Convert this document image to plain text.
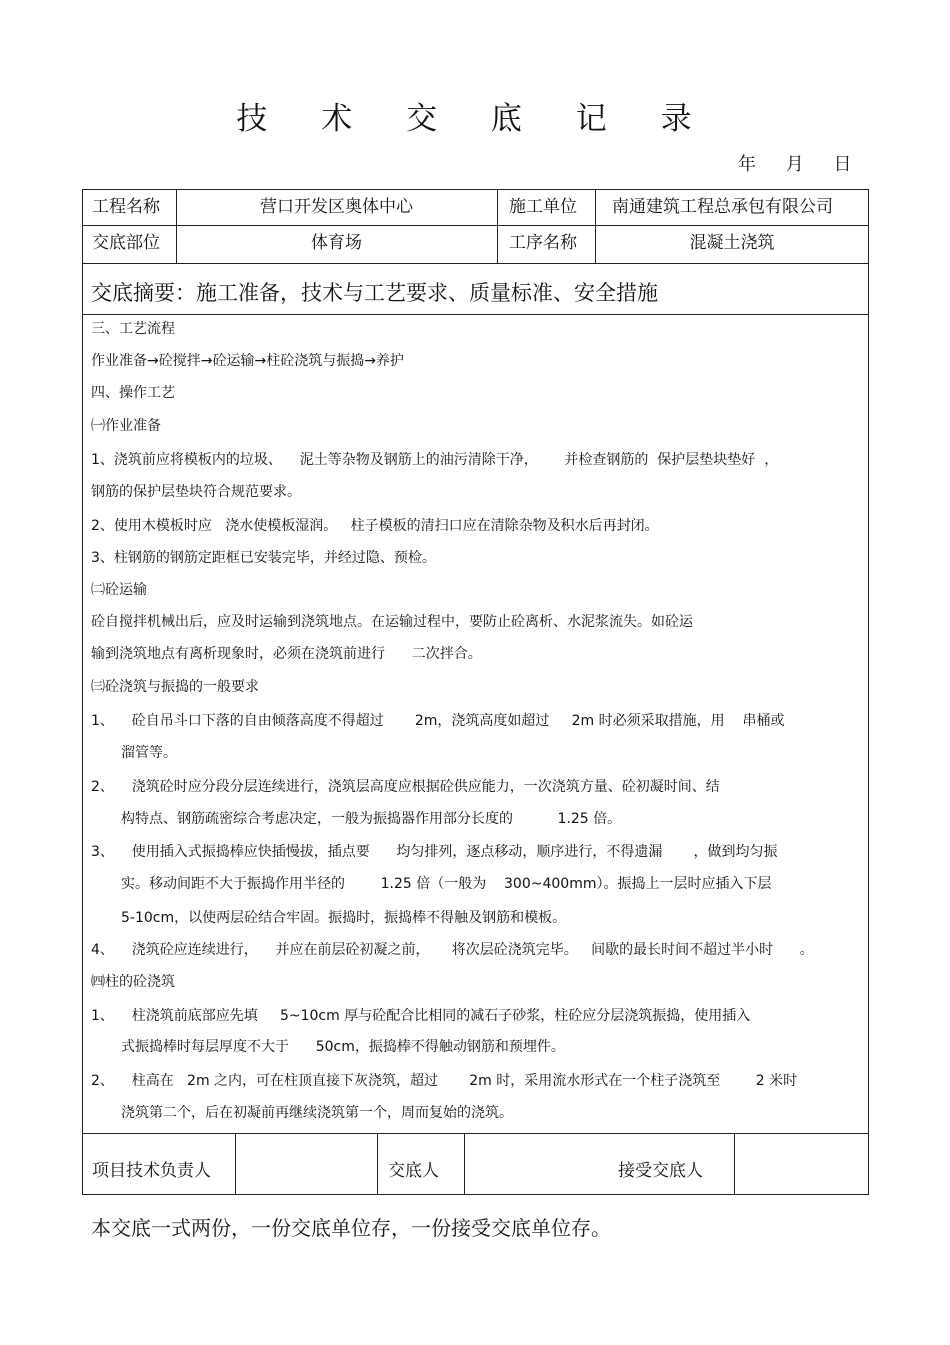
技 术 交 底 记 录
年 月 日
工程名称	营口开发区奥体中心	施工单位 南通建筑工程总承包有限公司
交底部位	体育场	工序名称	混凝土浇筑
交底摘要：施工准备，技术与工艺要求、质量标准、安全措施
三、工艺流程
作业准备→砼搅拌→砼运输→柱砼浇筑与振捣→养护
四、操作工艺
㈠作业准备
1、浇筑前应将模板内的垃圾、    泥土等杂物及钢筋上的油污清除干净，      并检查钢筋的  保护层垫块垫好  ，
钢筋的保护层垫块符合规范要求。
2、使用木模板时应   浇水使模板湿润。   柱子模板的清扫口应在清除杂物及积水后再封闭。
3、柱钢筋的钢筋定距框已安装完毕，并经过隐、预检。
㈡砼运输
砼自搅拌机械出后，应及时运输到浇筑地点。在运输过程中，要防止砼离析、水泥浆流失。如砼运
输到浇筑地点有离析现象时，必须在浇筑前进行      二次拌合。
㈢砼浇筑与振捣的一般要求
1、    砼自吊斗口下落的自由倾落高度不得超过       2m，浇筑高度如超过     2m 时必须采取措施，用    串桶或
溜管等。
2、    浇筑砼时应分段分层连续进行，浇筑层高度应根据砼供应能力，一次浇筑方量、砼初凝时间、结
构特点、钢筋疏密综合考虑决定，一般为振捣器作用部分长度的          1.25 倍。
3、    使用插入式振捣棒应快插慢拔，插点要      均匀排列，逐点移动，顺序进行，不得遗漏       ，做到均匀振
实。移动间距不大于振捣作用半径的        1.25 倍（一般为    300~400mm）。振捣上一层时应插入下层
5-10cm，以使两层砼结合牢固。振捣时，振捣棒不得触及钢筋和模板。
4、    浇筑砼应连续进行，    并应在前层砼初凝之前，     将次层砼浇筑完毕。   间歇的最长时间不超过半小时      。
㈣柱的砼浇筑
1、    柱浇筑前底部应先填     5~10cm 厚与砼配合比相同的减石子砂浆，柱砼应分层浇筑振捣，使用插入
式振捣棒时每层厚度不大于      50cm，振捣棒不得触动钢筋和预埋件。
2、    柱高在   2m 之内，可在柱顶直接下灰浇筑，超过       2m 时，采用流水形式在一个柱子浇筑至        2 米时
浇筑第二个，后在初凝前再继续浇筑第一个，周而复始的浇筑。
项目技术负责人	交底人	接受交底人
本交底一式两份，一份交底单位存，一份接受交底单位存。
